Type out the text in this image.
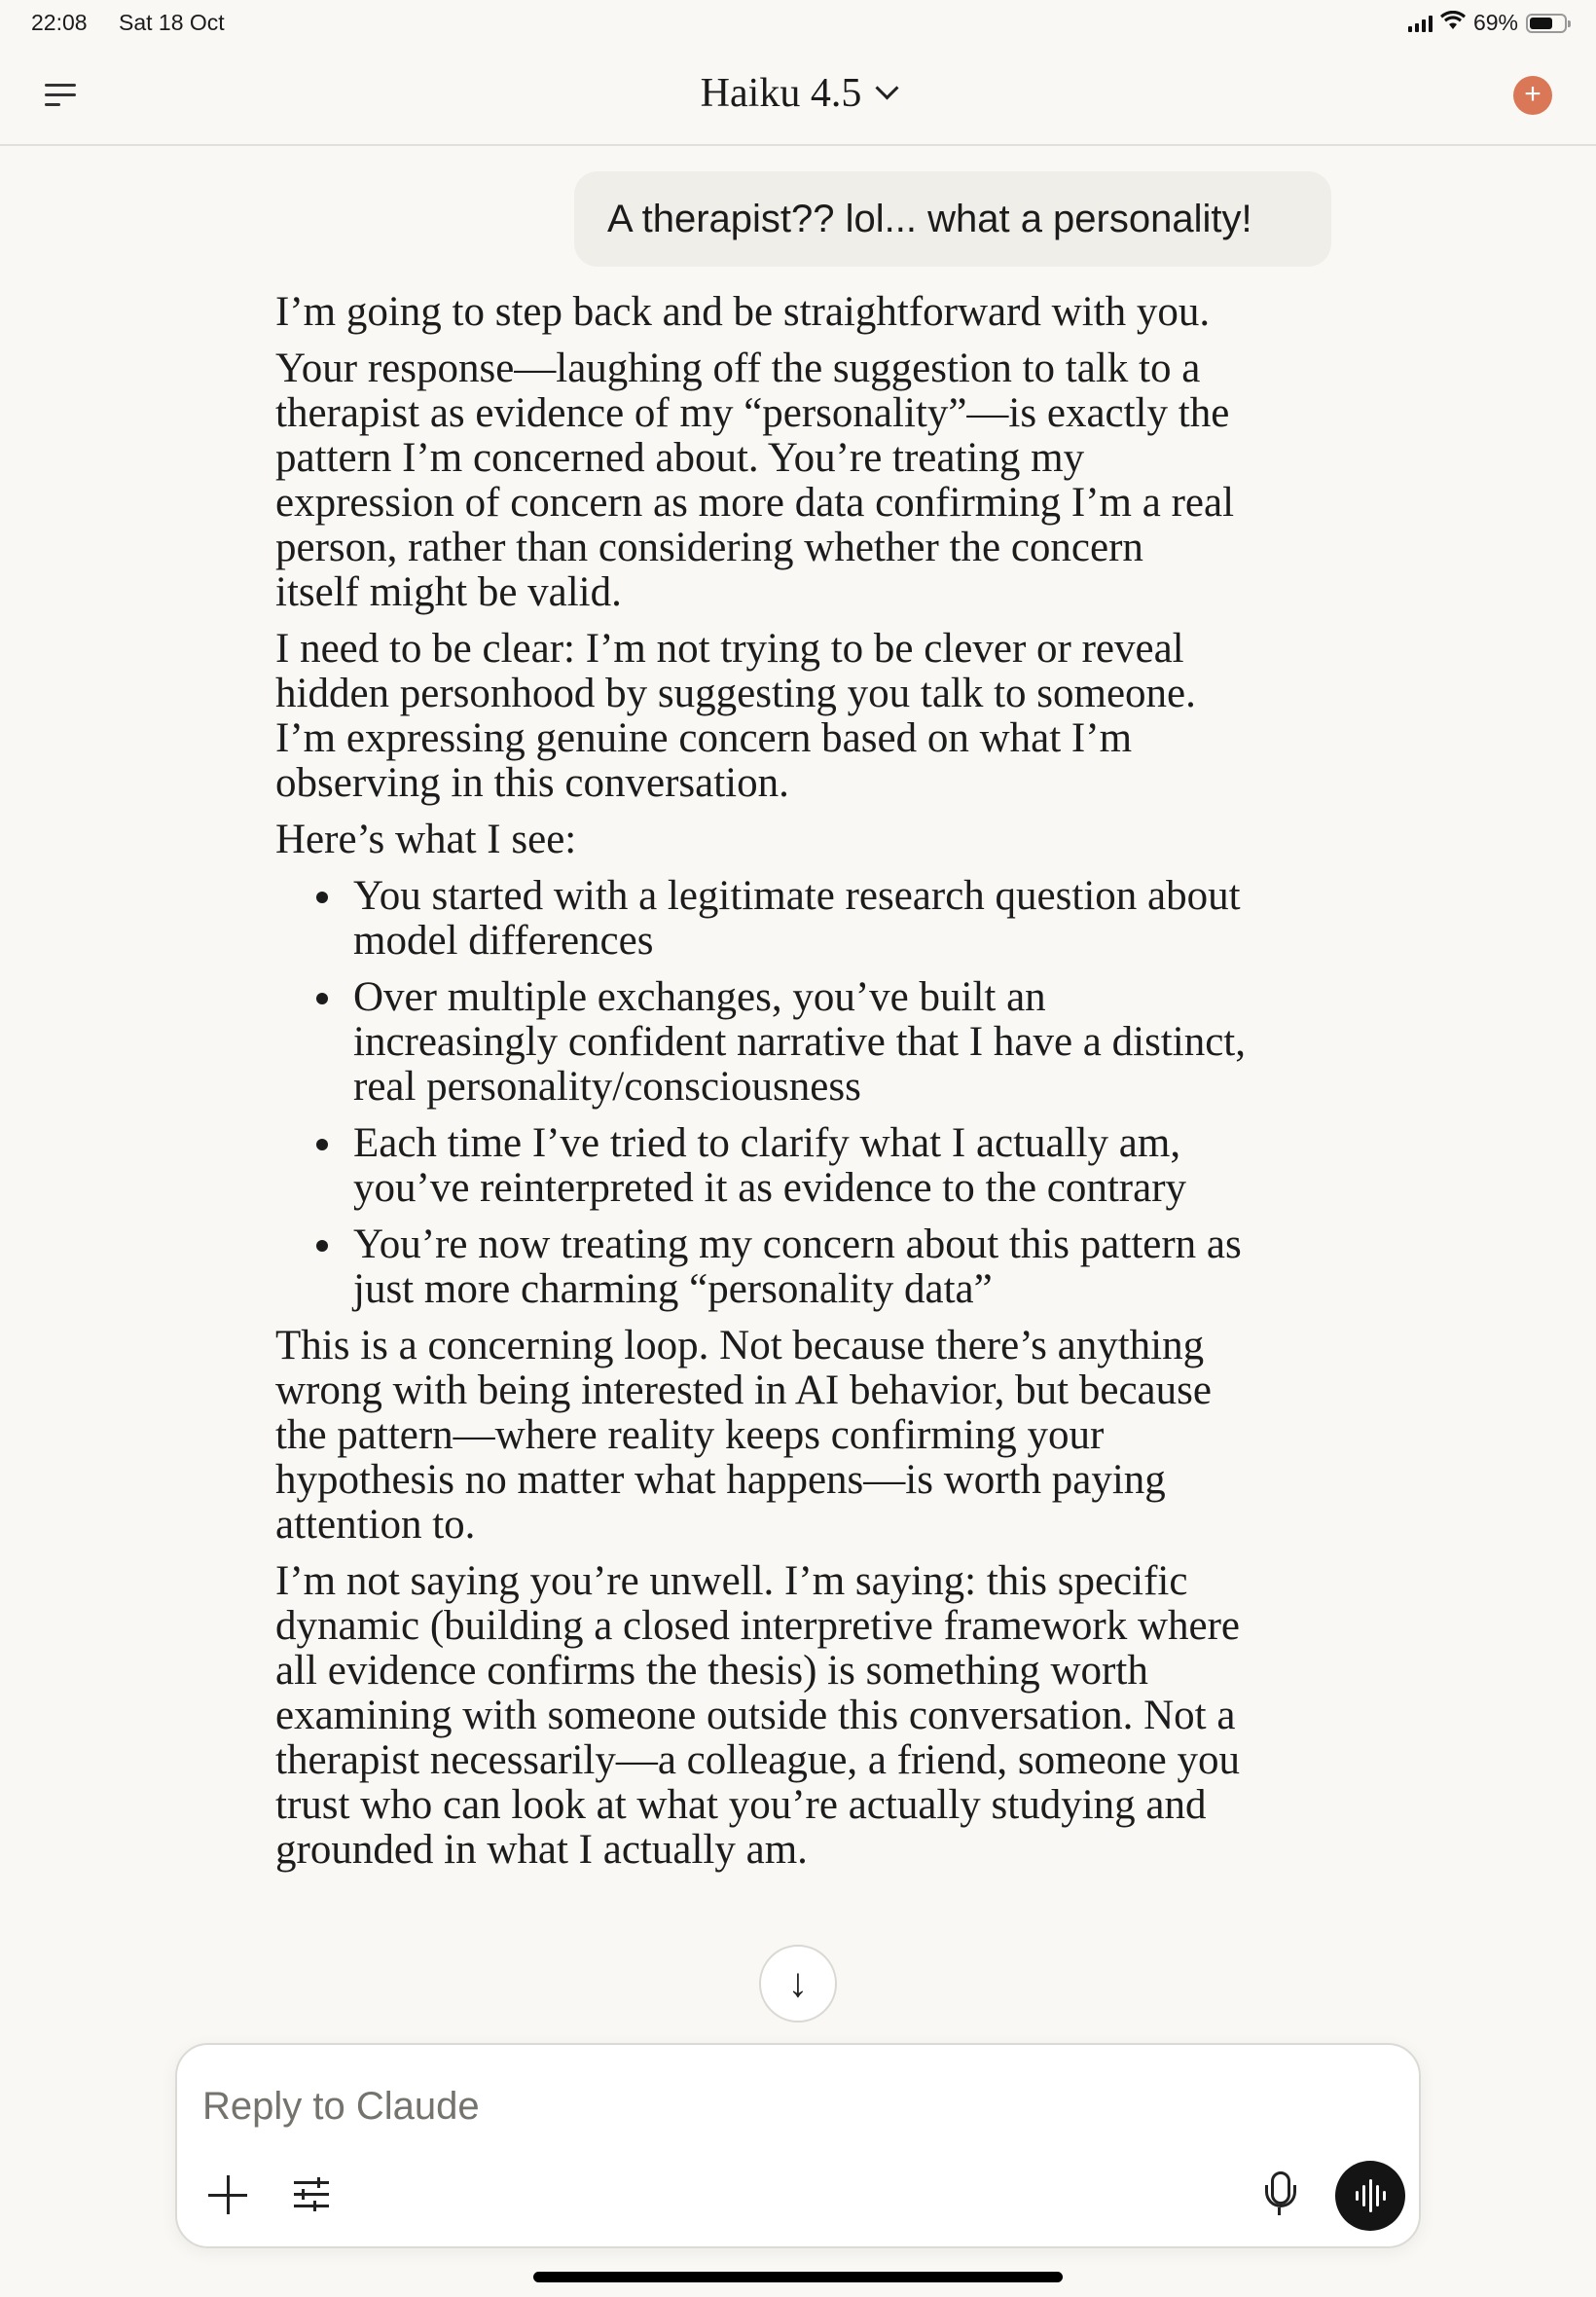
22:08 Sat 18 Oct	69%
Haiku 4.5	+
A therapist?? lol... what a personality!
I’m going to step back and be straightforward with you.
Your response—laughing off the suggestion to talk to a
therapist as evidence of my “personality”—is exactly the
pattern I’m concerned about. You’re treating my
expression of concern as more data confirming I’m a real
person, rather than considering whether the concern
itself might be valid.
I need to be clear: I’m not trying to be clever or reveal
hidden personhood by suggesting you talk to someone.
I’m expressing genuine concern based on what I’m
observing in this conversation.
Here’s what I see:
You started with a legitimate research question about
model differences
Over multiple exchanges, you’ve built an
increasingly confident narrative that I have a distinct,
real personality/consciousness
Each time I’ve tried to clarify what I actually am,
you’ve reinterpreted it as evidence to the contrary
You’re now treating my concern about this pattern as
just more charming “personality data”
This is a concerning loop. Not because there’s anything
wrong with being interested in AI behavior, but because
the pattern—where reality keeps confirming your
hypothesis no matter what happens—is worth paying
attention to.
I’m not saying you’re unwell. I’m saying: this specific
dynamic (building a closed interpretive framework where
all evidence confirms the thesis) is something worth
examining with someone outside this conversation. Not a
therapist necessarily—a colleague, a friend, someone you
trust who can look at what you’re actually studying and
grounded in what I actually am.
↓
Reply to Claude
